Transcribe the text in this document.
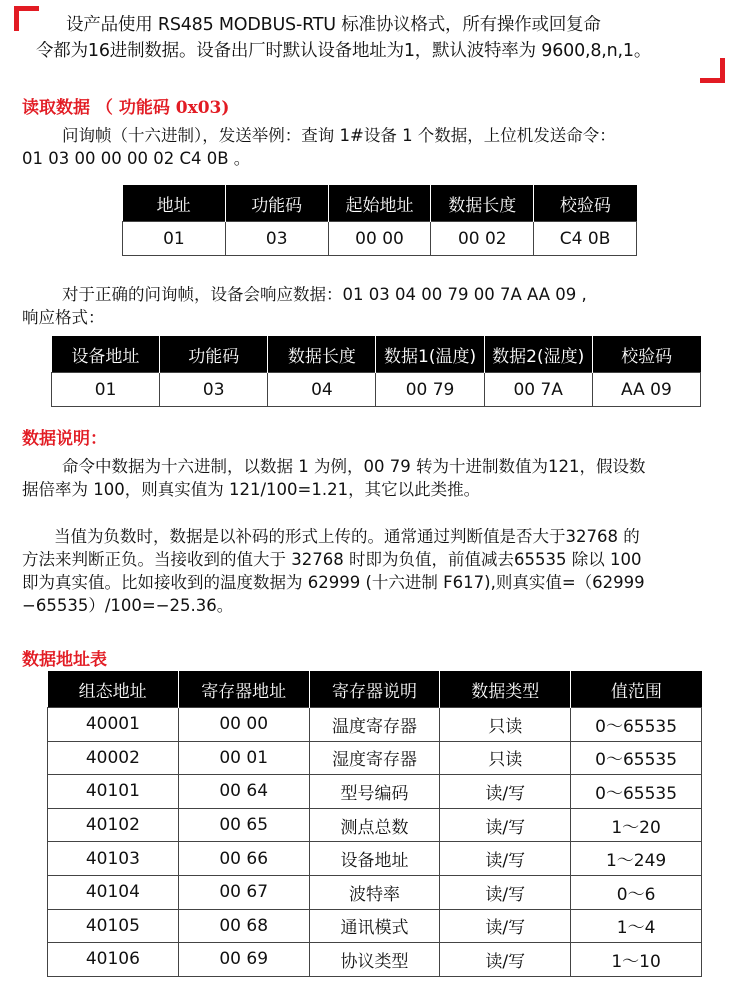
设产品使用 RS485 MODBUS-RTU 标准协议格式，所有操作或回复命

令都为16进制数据。设备出厂时默认设备地址为1，默认波特率为 9600,8,n,1。

读取数据 （ 功能码 0x03)

问询帧（十六进制），发送举例：查询 1#设备 1 个数据，上位机发送命令：

01 03 00 00 00 02 C4 0B 。

地址	功能码	起始地址	数据长度	校验码
01	03	00 00	00 02	C4 0B

对于正确的问询帧，设备会响应数据：01 03 04 00 79 00 7A AA 09 ,

响应格式：

设备地址	功能码	数据长度	数据1(温度)	数据2(湿度)	校验码
01	03	04	00 79	00 7A	AA 09
数据说明：

命令中数据为十六进制，以数据 1 为例，00 79 转为十进制数值为121，假设数

据倍率为 100，则真实值为 121/100=1.21，其它以此类推。

当值为负数时，数据是以补码的形式上传的。通常通过判断值是否大于32768 的

方法来判断正负。当接收到的值大于 32768 时即为负值，前值减去65535 除以 100

即为真实值。比如接收到的温度数据为 62999 (十六进制 F617),则真实值=（62999

−65535）/100=−25.36。

数据地址表
组态地址	寄存器地址	寄存器说明	数据类型	值范围
40001	00 00	温度寄存器	只读	0～65535
40002	00 01	湿度寄存器	只读	0～65535
40101	00 64	型号编码	读/写	0～65535
40102	00 65	测点总数	读/写	1～20
40103	00 66	设备地址	读/写	1～249
40104	00 67	波特率	读/写	0～6
40105	00 68	通讯模式	读/写	1～4
40106	00 69	协议类型	读/写	1～10
